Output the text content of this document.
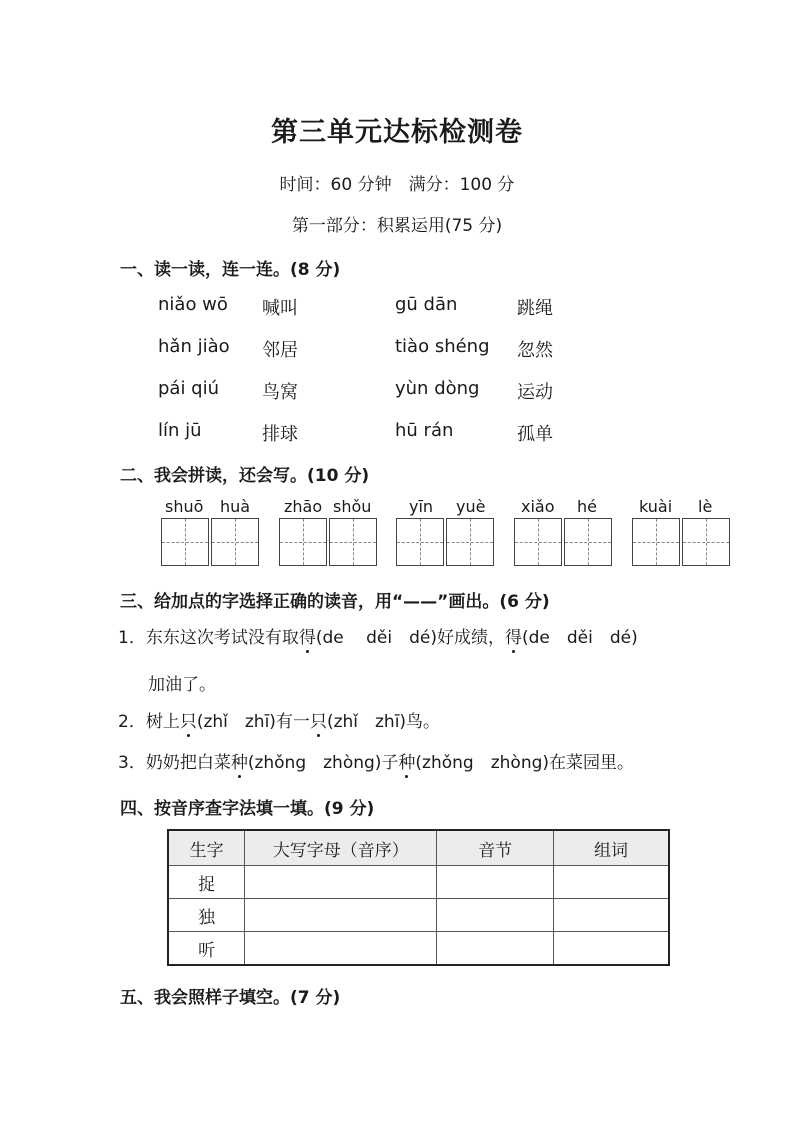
第三单元达标检测卷
时间：60 分钟　满分：100 分
第一部分：积累运用(75 分)
一、读一读，连一连。(8 分)
niǎo wō 喊叫	gū dān	跳绳
hǎn jiào 邻居	tiào shéng 忽然
pái qiú 鸟窝	yùn dòng 运动
lín jū	排球	hū rán	孤单
二、我会拼读，还会写。(10 分)
shuō huà zhāo shǒu yīn yuè xiǎo hé	kuài lè
三、给加点的字选择正确的读音，用“——”画出。(6 分)
1．东东这次考试没有取得(de　 děi　dé)好成绩，得(de　děi　dé)
加油了。
2．树上只(zhǐ　zhī)有一只(zhǐ　zhī)鸟。
3．奶奶把白菜种(zhǒng　zhòng)子种(zhǒng　zhòng)在菜园里。
四、按音序查字法填一填。(9 分)
生字	大写字母（音序）	音节	组词
捉			
独			
听			
五、我会照样子填空。(7 分)
